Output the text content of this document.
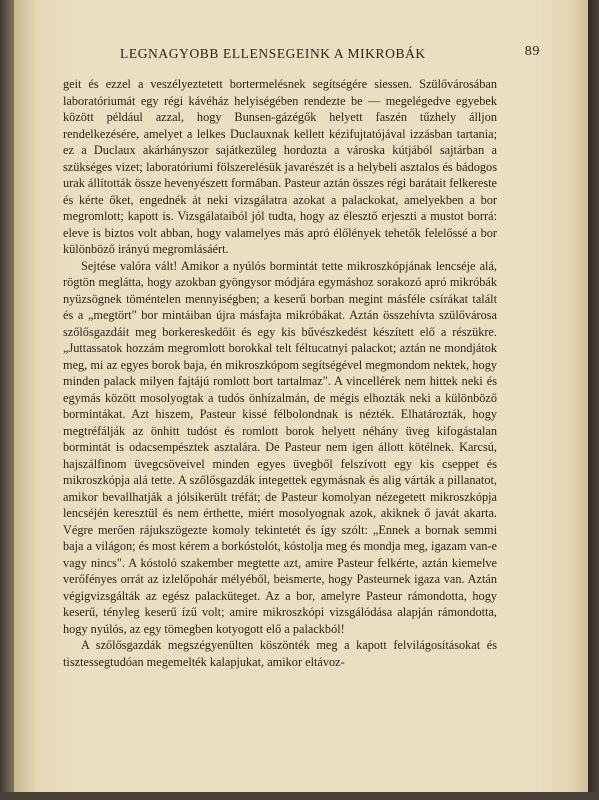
LEGNAGYOBB ELLENSEGEINK A MIKROBÁK	89

geit és ezzel a veszélyeztetett bortermelésnek segítségére siessen. Szülővárosában laboratóriumát egy régi kávéház helyiségében rendezte be — megelégedve egyebek között például azzal, hogy Bunsen-gázégők helyett faszén tűzhely álljon rendelkezésére, amelyet a lelkes Duclauxnak kellett kézifujtatójával izzásban tartania; ez a Duclaux akárhányszor sajátkezüleg hordozta a városka kútjából sajtárban a szükséges vizet; laboratóriumi fölszerelésük javarészét is a helybeli asztalos és bádogos urak állították össze hevenyészett formában. Pasteur aztán összes régi barátait felkereste és kérte őket, engednék át neki vizsgálatra azokat a palackokat, amelyekben a bor megromlott; kapott is. Vizsgálataiból jól tudta, hogy az élesztő erjeszti a mustot borrá: eleve is biztos volt abban, hogy valamelyes más apró élőlények tehetők felelőssé a bor különböző irányú megromlásáért.

Sejtése valóra vált! Amikor a nyúlós bormintát tette mikroszkópjának lencséje alá, rögtön meglátta, hogy azokban gyöngysor módjára egymáshoz sorakozó apró mikróbák nyüzsögnek töméntelen mennyiségben; a keserű borban megint másféle csírákat talált és a „megtört" bor mintáiban újra másfajta mikróbákat. Aztán összehívta szülővárosa szőlősgazdáit meg borkereskedőit és egy kis bűvészkedést készített elő a részükre. „Juttassatok hozzám megromlott borokkal telt féltucatnyi palackot; aztán ne mondjátok meg, mi az egyes borok baja, én mikroszkópom segítségével megmondom nektek, hogy minden palack milyen fajtájú romlott bort tartalmaz". A vincellérek nem hittek neki és egymás között mosolyogtak a tudós önhízalmán, de mégis elhozták neki a különböző bormintákat. Azt hiszem, Pasteur kissé félbolondnak is nézték. Elhatározták, hogy megtréfálják az önhitt tudóst és romlott borok helyett néhány üveg kifogástalan bormintát is odacsempésztek asztalára. De Pasteur nem igen állott kötélnek. Karcsú, hajszálfinom üvegcsöveivel minden egyes üvegből felszívott egy kis cseppet és mikroszkópja alá tette. A szőlősgazdák integettek egymásnak és alig várták a pillanatot, amikor bevallhatják a jólsikerült tréfát; de Pasteur komolyan nézegetett mikroszkópja lencséjén keresztül és nem érthette, miért mosolyognak azok, akiknek ő javát akarta. Végre merően rájukszögezte komoly tekintetét és így szólt: „Ennek a bornak semmi baja a világon; és most kérem a borkóstolót, kóstolja meg és mondja meg, igazam van-e vagy nincs". A kóstoló szakember megtette azt, amire Pasteur felkérte, aztán kiemelve verőfényes orrát az izlelőpohár mélyéből, beismerte, hogy Pasteurnek igaza van. Aztán végigvizsgálták az egész palacküteget. Az a bor, amelyre Pasteur rámondotta, hogy keserű, tényleg keserű ízű volt; amire mikroszkópi vizsgálódása alapján rámondotta, hogy nyúlós, az egy tömegben kotyogott elő a palackból!

A szőlősgazdák megszégyenülten köszönték meg a kapott felvilágosításokat és tisztessegtudóan megemelték kalapjukat, amikor eltávoz-
